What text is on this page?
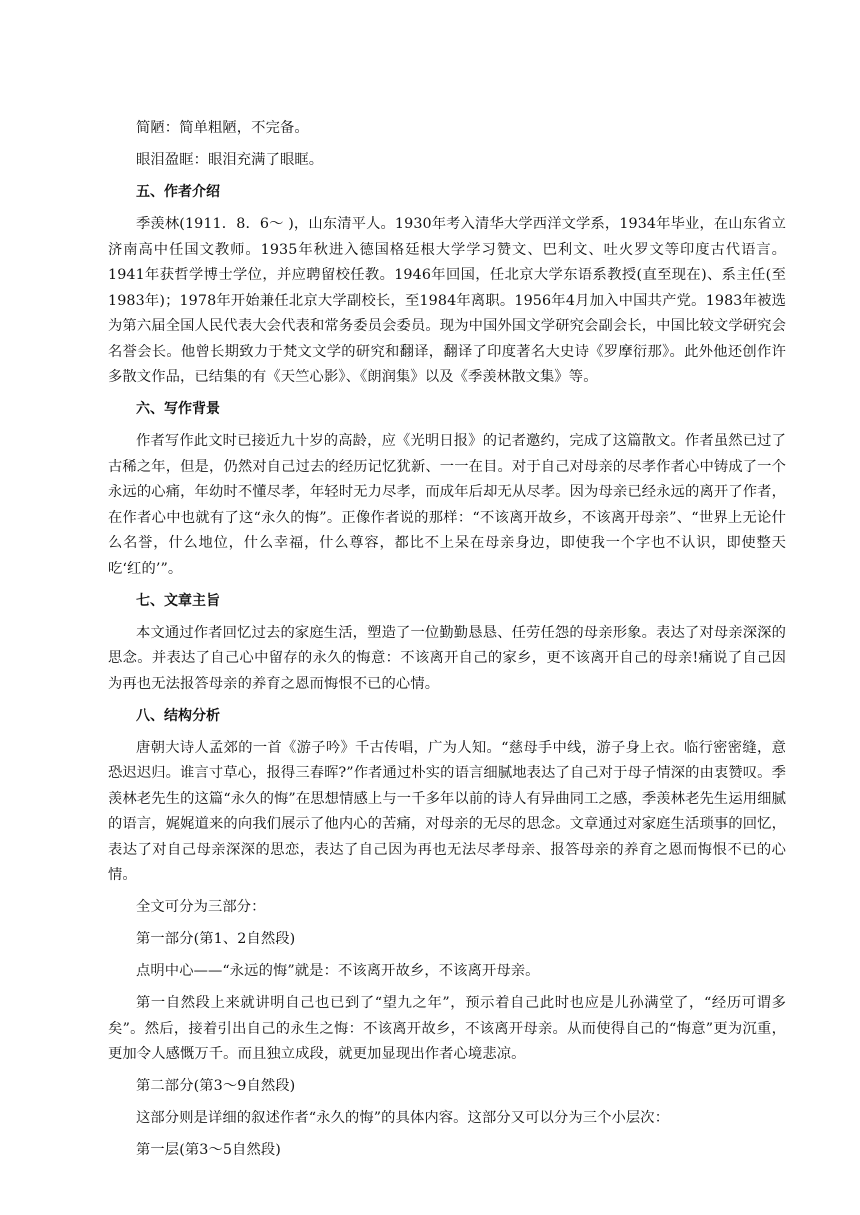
简陋：简单粗陋，不完备。

眼泪盈眶：眼泪充满了眼眶。

五、作者介绍

季羡林(1911．8．6～ )，山东清平人。1930年考入清华大学西洋文学系，1934年毕业，在山东省立济南高中任国文教师。1935年秋进入德国格廷根大学学习赞文、巴利文、吐火罗文等印度古代语言。1941年获哲学博士学位，并应聘留校任教。1946年回国，任北京大学东语系教授(直至现在)、系主任(至1983年)；1978年开始兼任北京大学副校长，至1984年离职。1956年4月加入中国共产党。1983年被选为第六届全国人民代表大会代表和常务委员会委员。现为中国外国文学研究会副会长，中国比较文学研究会名誉会长。他曾长期致力于梵文文学的研究和翻译，翻译了印度著名大史诗《罗摩衍那》。此外他还创作许多散文作品，已结集的有《天竺心影》、《朗润集》以及《季羡林散文集》等。

六、写作背景

作者写作此文时已接近九十岁的高龄，应《光明日报》的记者邀约，完成了这篇散文。作者虽然已过了古稀之年，但是，仍然对自己过去的经历记忆犹新、一一在目。对于自己对母亲的尽孝作者心中铸成了一个永远的心痛，年幼时不懂尽孝，年轻时无力尽孝，而成年后却无从尽孝。因为母亲已经永远的离开了作者，在作者心中也就有了这“永久的悔”。正像作者说的那样：“不该离开故乡，不该离开母亲”、“世界上无论什么名誉，什么地位，什么幸福，什么尊容，都比不上呆在母亲身边，即使我一个字也不认识，即使整天吃‘红的’”。

七、文章主旨

本文通过作者回忆过去的家庭生活，塑造了一位勤勤恳恳、任劳任怨的母亲形象。表达了对母亲深深的思念。并表达了自己心中留存的永久的悔意：不该离开自己的家乡，更不该离开自己的母亲!痛说了自己因为再也无法报答母亲的养育之恩而悔恨不已的心情。

八、结构分析

唐朝大诗人孟郊的一首《游子吟》千古传唱，广为人知。“慈母手中线，游子身上衣。临行密密缝，意恐迟迟归。谁言寸草心，报得三春晖?”作者通过朴实的语言细腻地表达了自己对于母子情深的由衷赞叹。季羡林老先生的这篇“永久的悔”在思想情感上与一千多年以前的诗人有异曲同工之感，季羡林老先生运用细腻的语言，娓娓道来的向我们展示了他内心的苦痛，对母亲的无尽的思念。文章通过对家庭生活琐事的回忆，表达了对自己母亲深深的思恋，表达了自己因为再也无法尽孝母亲、报答母亲的养育之恩而悔恨不已的心情。

全文可分为三部分：

第一部分(第1、2自然段)

点明中心——“永远的悔”就是：不该离开故乡，不该离开母亲。

第一自然段上来就讲明自己也已到了“望九之年”，预示着自己此时也应是儿孙满堂了，“经历可谓多矣”。然后，接着引出自己的永生之悔：不该离开故乡，不该离开母亲。从而使得自己的“悔意”更为沉重，更加令人感慨万千。而且独立成段，就更加显现出作者心境悲凉。

第二部分(第3～9自然段)

这部分则是详细的叙述作者“永久的悔”的具体内容。这部分又可以分为三个小层次：

第一层(第3～5自然段)
